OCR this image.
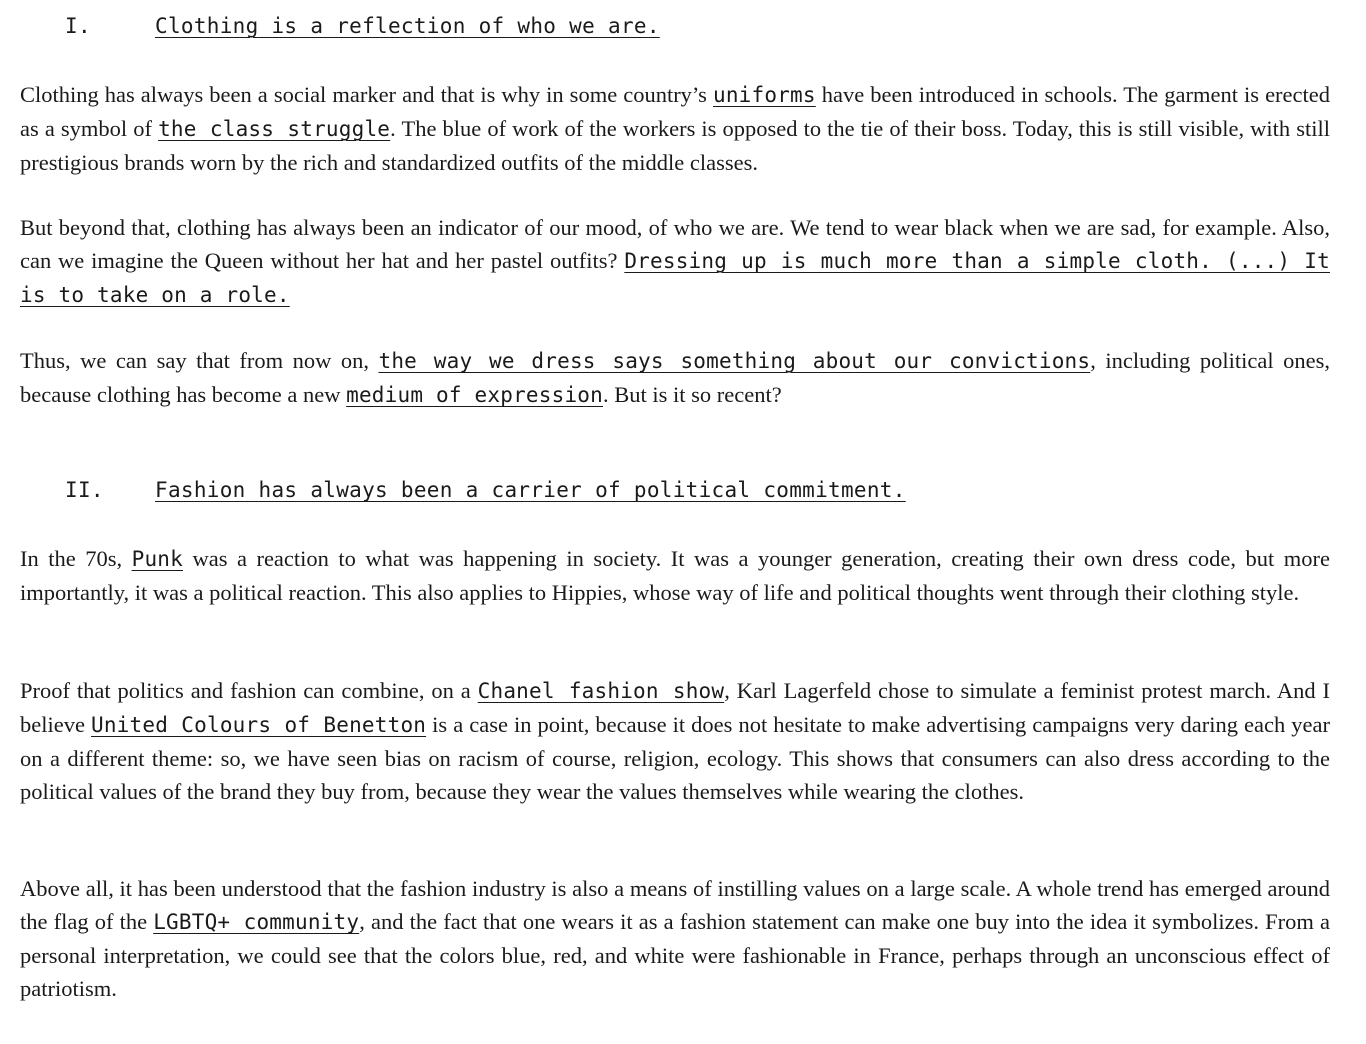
I.	Clothing is a reflection of who we are.
Clothing has always been a social marker and that is why in some country’s uniforms have been introduced in schools. The garment is erected as a symbol of the class struggle. The blue of work of the workers is opposed to the tie of their boss. Today, this is still visible, with still prestigious brands worn by the rich and standardized outfits of the middle classes.
But beyond that, clothing has always been an indicator of our mood, of who we are. We tend to wear black when we are sad, for example. Also, can we imagine the Queen without her hat and her pastel outfits? Dressing up is much more than a simple cloth. (...) It is to take on a role.
Thus, we can say that from now on, the way we dress says something about our convictions, including political ones, because clothing has become a new medium of expression. But is it so recent?
II. Fashion has always been a carrier of political commitment.
In the 70s, Punk was a reaction to what was happening in society. It was a younger generation, creating their own dress code, but more importantly, it was a political reaction. This also applies to Hippies, whose way of life and political thoughts went through their clothing style.
Proof that politics and fashion can combine, on a Chanel fashion show, Karl Lagerfeld chose to simulate a feminist protest march. And I believe United Colours of Benetton is a case in point, because it does not hesitate to make advertising campaigns very daring each year on a different theme: so, we have seen bias on racism of course, religion, ecology. This shows that consumers can also dress according to the political values of the brand they buy from, because they wear the values themselves while wearing the clothes.
Above all, it has been understood that the fashion industry is also a means of instilling values on a large scale. A whole trend has emerged around the flag of the LGBTQ+ community, and the fact that one wears it as a fashion statement can make one buy into the idea it symbolizes. From a personal interpretation, we could see that the colors blue, red, and white were fashionable in France, perhaps through an unconscious effect of patriotism.
